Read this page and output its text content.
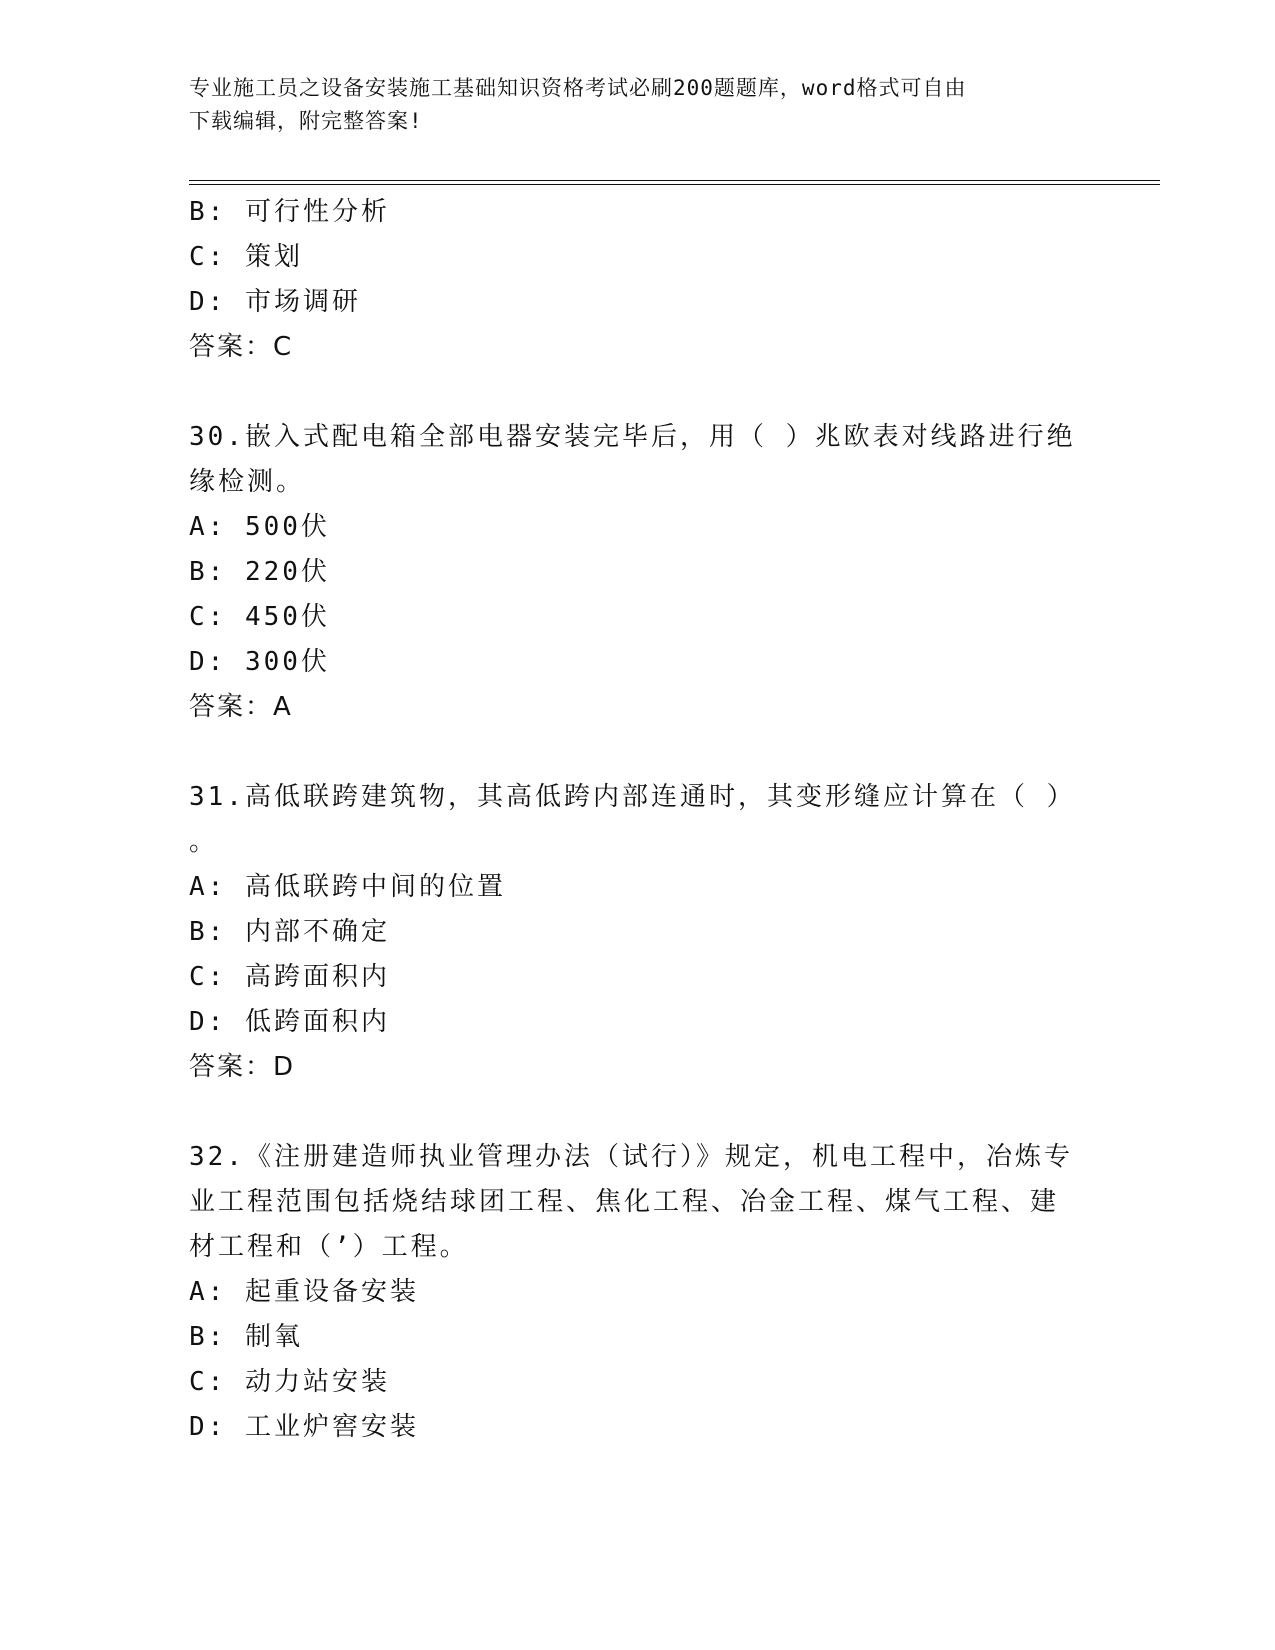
专业施工员之设备安装施工基础知识资格考试必刷200题题库，word格式可自由
下载编辑，附完整答案!
B: 可行性分析
C: 策划
D: 市场调研
答案：C
30.嵌入式配电箱全部电器安装完毕后，用（ ）兆欧表对线路进行绝
缘检测。
A: 500伏
B: 220伏
C: 450伏
D: 300伏
答案：A
31.高低联跨建筑物，其高低跨内部连通时，其变形缝应计算在（ ）
。
A: 高低联跨中间的位置
B: 内部不确定
C: 高跨面积内
D: 低跨面积内
答案：D
32.《注册建造师执业管理办法（试行）》规定，机电工程中，冶炼专
业工程范围包括烧结球团工程、焦化工程、冶金工程、煤气工程、建
材工程和（’）工程。
A: 起重设备安装
B: 制氧
C: 动力站安装
D: 工业炉窖安装
